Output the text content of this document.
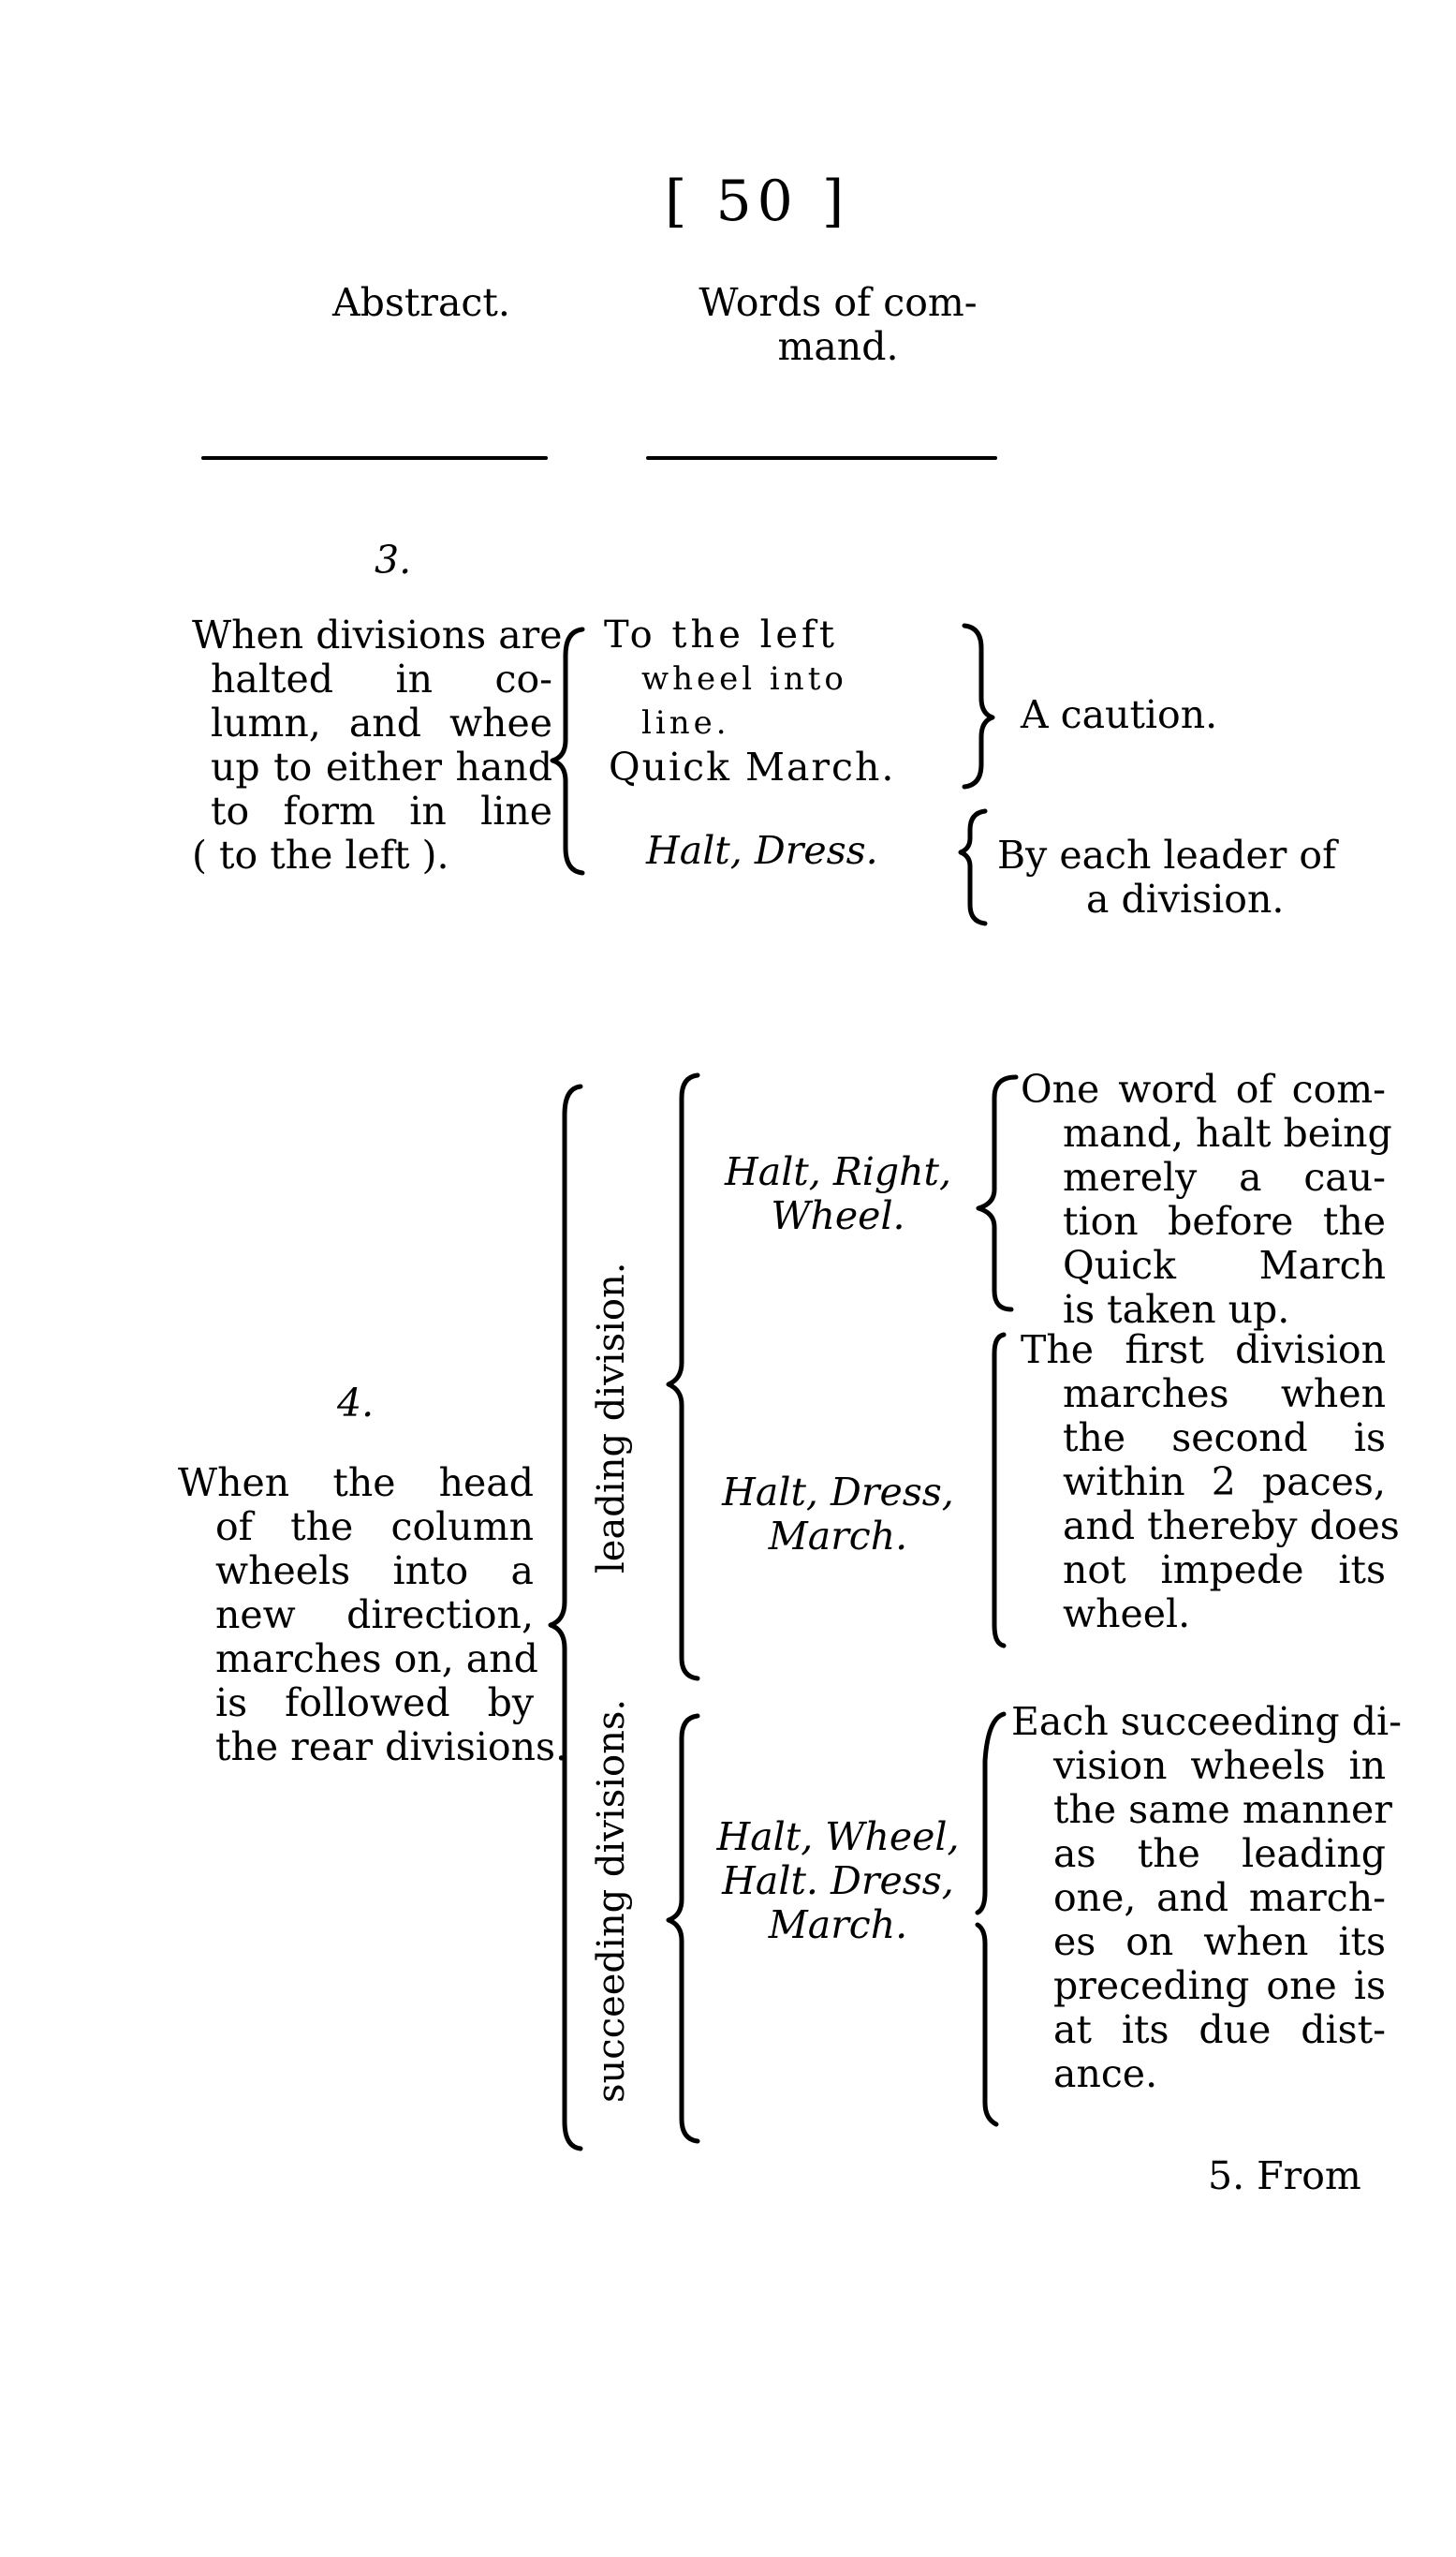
[ 50 ]
Abstract.	Words of com-
mand.
3.
When divisions are
halted in co-
lumn, and whee
up to either hand
to form in line
( to the left ).
To the left
wheel into
line.
Quick March.
A caution.
Halt, Dress.	By each leader of
a division.
4.
When the head
of the column
wheels into a
new direction,
marches on, and
is followed by
the rear divisions.
leading division.
succeeding divisions.
Halt, Right,
Wheel.
One word of com-
mand, halt being
merely a cau-
tion before the
Quick March
is taken up.
Halt, Dress,
March.
The first division
marches when
the second is
within 2 paces,
and thereby does
not impede its
wheel.
Halt, Wheel,
Halt. Dress,
March.
Each succeeding di-
vision wheels in
the same manner
as the leading
one, and march-
es on when its
preceding one is
at its due dist-
ance.
5. From
